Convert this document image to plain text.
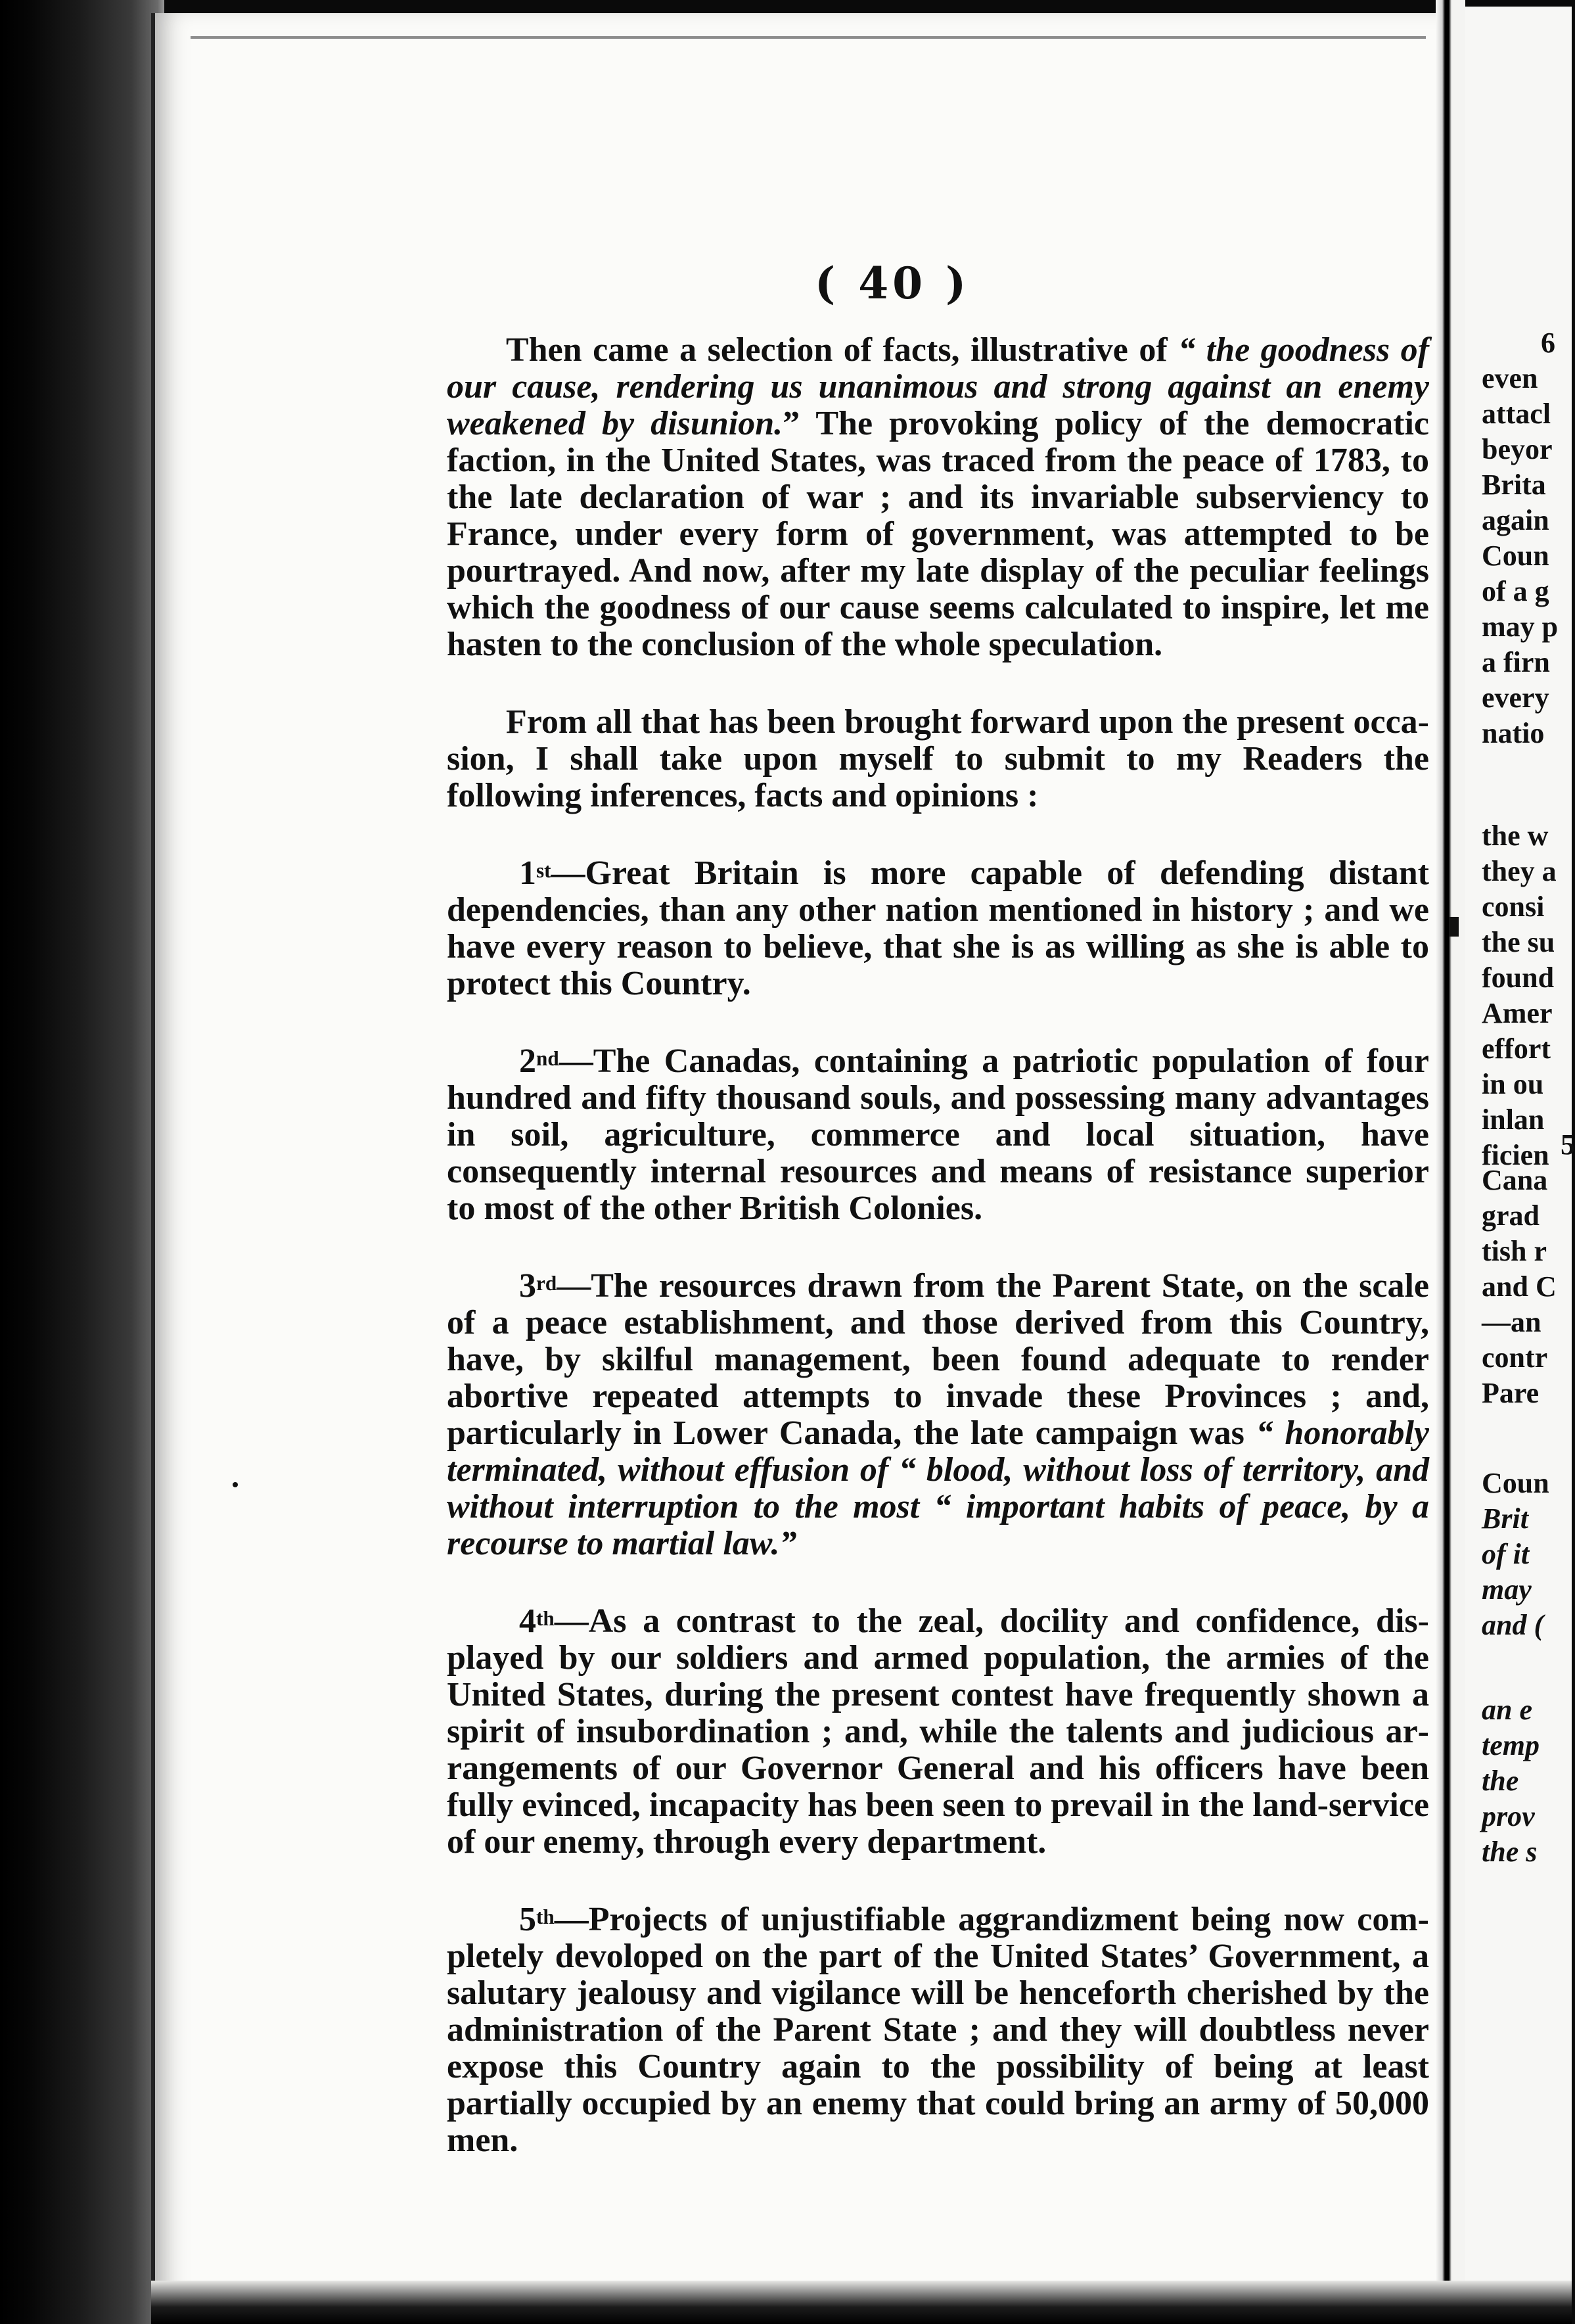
( 40 )

Then came a selection of facts, illustrative of “ the goodness of our cause, rendering us unanimous and strong against an enemy weakened by disunion.” The provoking policy of the democratic faction, in the United States, was traced from the peace of 1783, to the late declaration of war ; and its invariable subserviency to France, under every form of government, was attempted to be pourtrayed. And now, after my late display of the peculiar feelings which the goodness of our cause seems calculated to inspire, let me hasten to the conclusion of the whole speculation.

From all that has been brought forward upon the present occasion, I shall take upon myself to submit to my Readers the following inferences, facts and opinions :

1st—Great Britain is more capable of defending distant dependencies, than any other nation mentioned in history ; and we have every reason to believe, that she is as willing as she is able to protect this Country.

2nd—The Canadas, containing a patriotic population of four hundred and fifty thousand souls, and possessing many advantages in soil, agriculture, commerce and local situation, have consequently internal resources and means of resistance superior to most of the other British Colonies.

3rd—The resources drawn from the Parent State, on the scale of a peace establishment, and those derived from this Country, have, by skilful management, been found adequate to render abortive repeated attempts to invade these Provinces ; and, particularly in Lower Canada, the late campaign was “ honorably terminated, without effusion of “ blood, without loss of territory, and without interruption to the most “ important habits of peace, by a recourse to martial law.”

4th—As a contrast to the zeal, docility and confidence, displayed by our soldiers and armed population, the armies of the United States, during the present contest have frequently shown a spirit of insubordination ; and, while the talents and judicious arrangements of our Governor General and his officers have been fully evinced, incapacity has been seen to prevail in the land-service of our enemy, through every department.

5th—Projects of unjustifiable aggrandizment being now completely devoloped on the part of the United States’ Government, a salutary jealousy and vigilance will be henceforth cherished by the administration of the Parent State ; and they will doubtless never expose this Country again to the possibility of being at least partially occupied by an enemy that could bring an army of 50,000 men.

6
even
attacl
beyor
Brita
again
Coun
of a g
may p
a firn
every
natio
the w
they a
consi
the su
found
Amer
effort
in ou
inlan
ficien 5
Cana
grad
tish r
and C
—an
contr
Pare
Coun
Brit
of it
may
and (
an e
temp
the
prov
the s
